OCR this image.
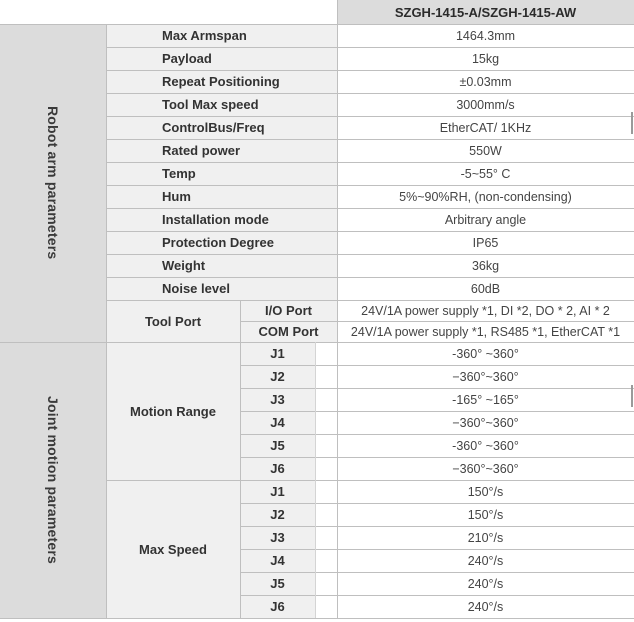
SZGH-1415-A/SZGH-1415-AW
Robot arm parameters
Joint motion parameters
Max Armspan	1464.3mm
Payload	15kg
Repeat Positioning	±0.03mm
Tool Max speed	3000mm/s
ControlBus/Freq	EtherCAT/ 1KHz
Rated power	550W
Temp	-5~55° C
Hum	5%~90%RH, (non-condensing)
Installation mode	Arbitrary angle
Protection Degree	IP65
Weight	36kg
Noise level	60dB
Tool Port
I/O Port	24V/1A power supply *1, DI *2, DO * 2, AI * 2
COM Port	24V/1A power supply *1, RS485 *1, EtherCAT *1
Motion Range
J1	-360° ~360°
J2	−360°~360°
J3	-165° ~165°
J4	−360°~360°
J5	-360° ~360°
J6	−360°~360°
Max Speed
J1	150°/s
J2	150°/s
J3	210°/s
J4	240°/s
J5	240°/s
J6	240°/s
